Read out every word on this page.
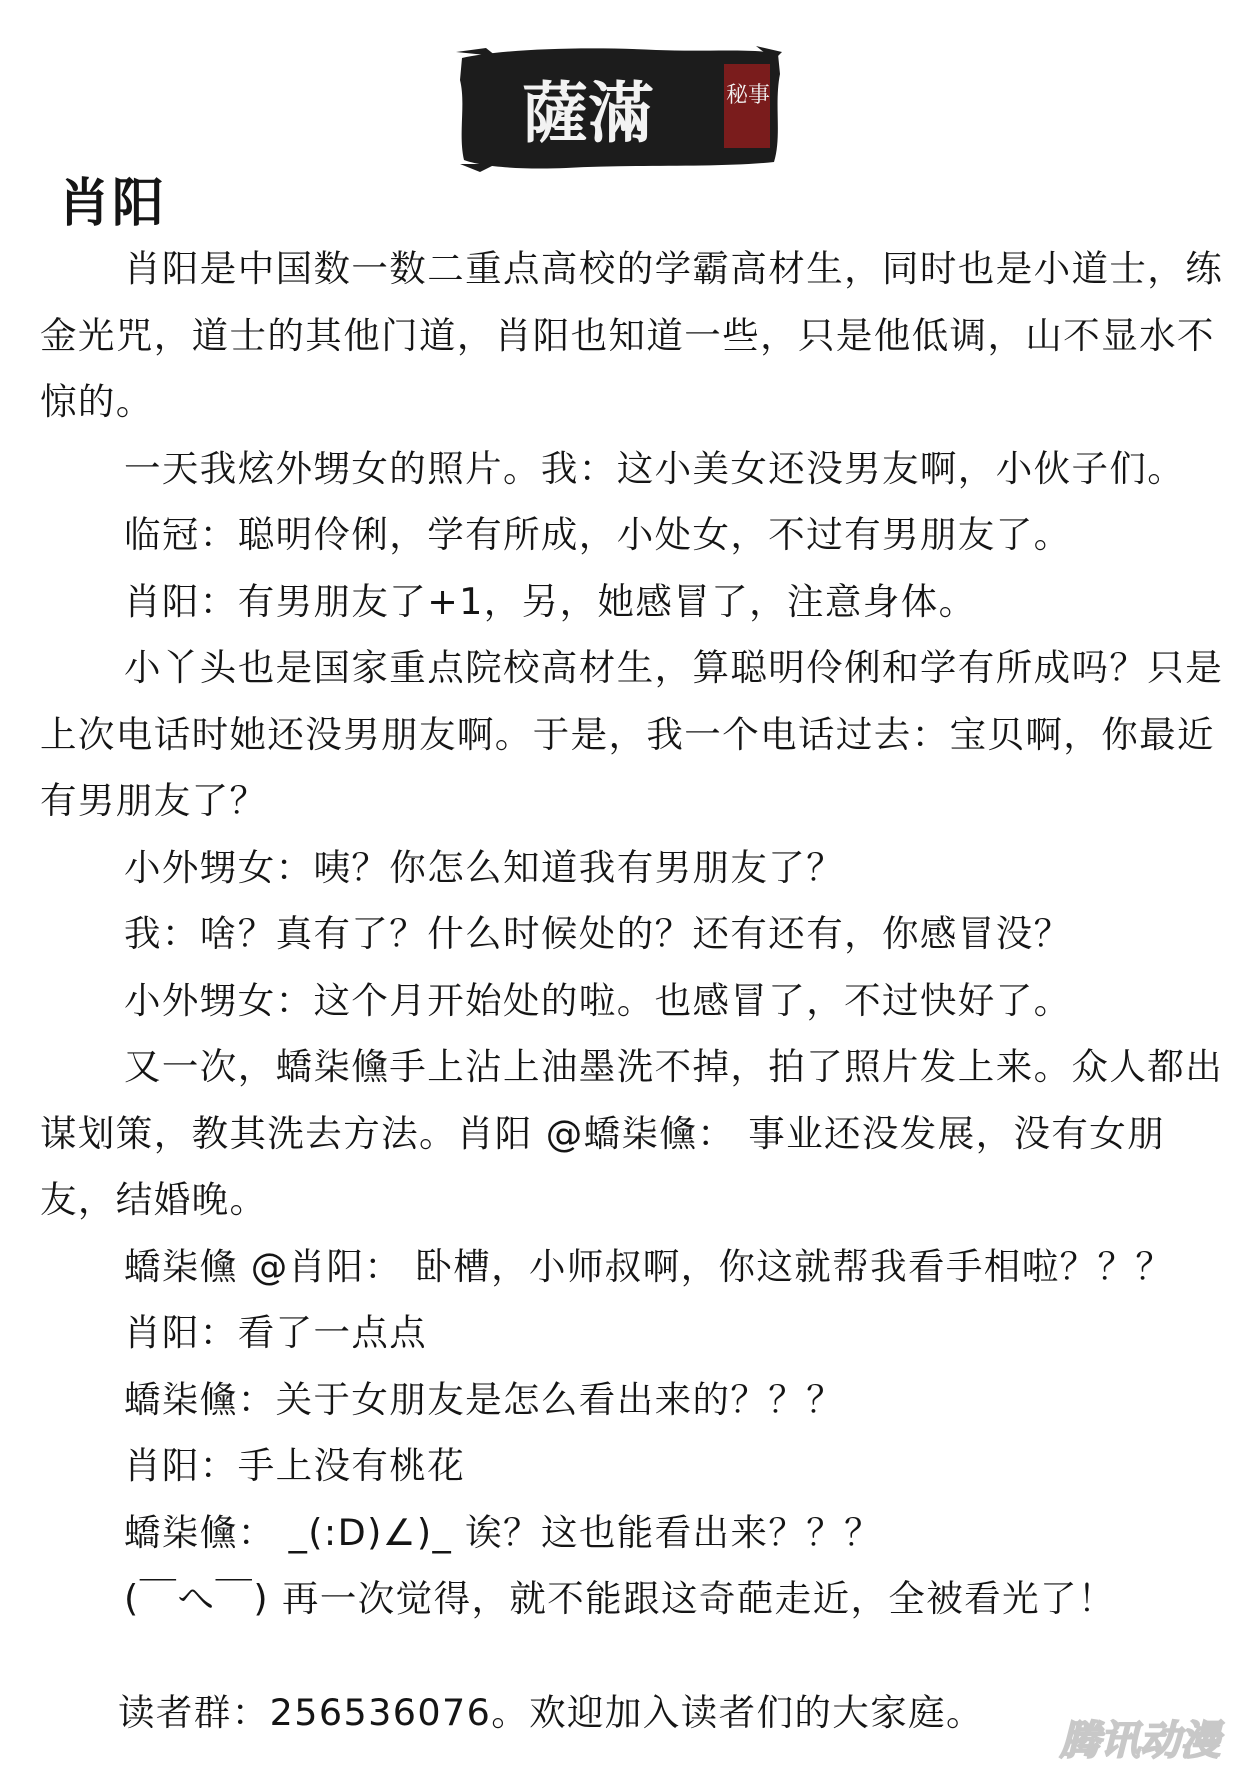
薩滿	秘事
肖阳

肖阳是中国数一数二重点高校的学霸高材生，同时也是小道士，练金光咒，道士的其他门道，肖阳也知道一些，只是他低调，山不显水不惊的。

一天我炫外甥女的照片。我：这小美女还没男友啊，小伙子们。

临冠：聪明伶俐，学有所成，小处女，不过有男朋友了。

肖阳：有男朋友了+1，另，她感冒了，注意身体。

小丫头也是国家重点院校高材生，算聪明伶俐和学有所成吗？只是上次电话时她还没男朋友啊。于是，我一个电话过去：宝贝啊，你最近有男朋友了？

小外甥女：咦？你怎么知道我有男朋友了？

我：啥？真有了？什么时候处的？还有还有，你感冒没？

小外甥女：这个月开始处的啦。也感冒了，不过快好了。

又一次，蟜柒儵手上沾上油墨洗不掉，拍了照片发上来。众人都出谋划策，教其洗去方法。肖阳 @蟜柒儵： 事业还没发展，没有女朋友，结婚晚。

蟜柒儵 @肖阳： 卧槽，小师叔啊，你这就帮我看手相啦？？？

肖阳：看了一点点

蟜柒儵：关于女朋友是怎么看出来的？？？

肖阳：手上没有桃花

蟜柒儵： _(:D)∠)_ 诶？这也能看出来？？？

(￣へ￣) 再一次觉得，就不能跟这奇葩走近，全被看光了！

读者群：256536076。欢迎加入读者们的大家庭。
腾讯动漫
